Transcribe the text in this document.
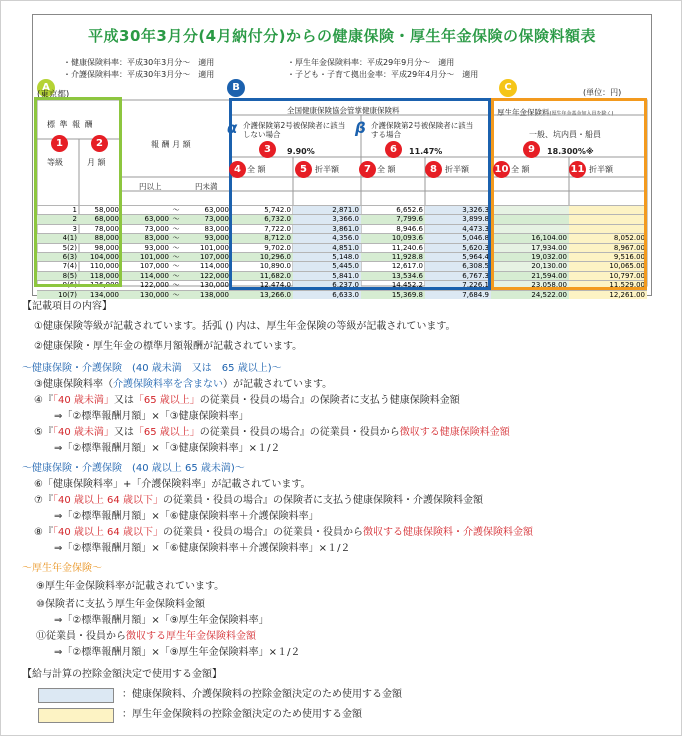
平成30年3月分(4月納付分)からの健康保険・厚生年金保険の保険料額表
・健康保険料率：平成30年3月分～　適用
・介護保険料率：平成30年3月分～　適用
・厚生年金保険料率：平成29年9月分～　適用
・子ども・子育て拠出金率：平成29年4月分～　適用
(単位：円)
A	B	C
(東京都)
標 準 報 酬
等級	月 額
報 酬 月 額
円以上	円未満
全国健康保険協会管掌健康保険料
介護保険第2号被保険者に該当しない場合
介護保険第2号被保険者に該当する場合
9.90%	11.47%
全 額	折半額	全 額	折半額
厚生年金保険料(厚生年金基金加入員を除く)
一般、坑内員・船員
18.300%※
全 額	折半額
1	2
3
4	5
6
7	8
9
10	11
α	β
1	58,000	～	63,000	5,742.0	2,871.0	6,652.6	3,326.3
2	68,000	63,000 ～	73,000	6,732.0	3,366.0	7,799.6	3,899.8
3	78,000	73,000 ～	83,000	7,722.0	3,861.0	8,946.6	4,473.3
4(1)	88,000	83,000 ～	93,000	8,712.0	4,356.0	10,093.6	5,046.8	16,104.00	8,052.00
5(2)	98,000	93,000 ～	101,000	9,702.0	4,851.0	11,240.6	5,620.3	17,934.00	8,967.00
6(3)	104,000	101,000 ～	107,000	10,296.0	5,148.0	11,928.8	5,964.4	19,032.00	9,516.00
7(4)	110,000	107,000 ～	114,000	10,890.0	5,445.0	12,617.0	6,308.5	20,130.00	10,065.00
8(5)	118,000	114,000 ～	122,000	11,682.0	5,841.0	13,534.6	6,767.3	21,594.00	10,797.00
9(6)	126,000	122,000 ～	130,000	12,474.0	6,237.0	14,452.2	7,226.1	23,058.00	11,529.00
10(7)	134,000	130,000 ～	138,000	13,266.0	6,633.0	15,369.8	7,684.9	24,522.00	12,261.00
【記載項目の内容】
①健康保険等級が記載されています。括弧 () 内は、厚生年金保険の等級が記載されています。
②健康保険・厚生年金の標準月額報酬が記載されています。
～健康保険・介護保険　(40 歳未満　又は　65 歳以上)～
③健康保険料率（介護保険料率を含まない）が記載されています。
④『「40 歳未満」又は「65 歳以上」の従業員・役員の場合』の保険者に支払う健康保険料金額
⇒「②標準報酬月額」×「③健康保険料率」
⑤『「40 歳未満」又は「65 歳以上」の従業員・役員の場合』の従業員・役員から徴収する健康保険料金額
⇒「②標準報酬月額」×「③健康保険料率」×１/２
～健康保険・介護保険　(40 歳以上 65 歳未満)～
⑥「健康保険料率」+「介護保険料率」が記載されています。
⑦『「40 歳以上 64 歳以下」の従業員・役員の場合』の保険者に支払う健康保険料・介護保険料金額
⇒「②標準報酬月額」×「⑥健康保険料率＋介護保険料率」
⑧『「40 歳以上 64 歳以下」の従業員・役員の場合』の従業員・役員から徴収する健康保険料・介護保険料金額
⇒「②標準報酬月額」×「⑥健康保険料率＋介護保険料率」×１/２
～厚生年金保険～
⑨厚生年金保険料率が記載されています。
⑩保険者に支払う厚生年金保険料金額
⇒「②標準報酬月額」×「⑨厚生年金保険料率」
⑪従業員・役員から徴収する厚生年金保険料金額
⇒「②標準報酬月額」×「⑨厚生年金保険料率」×１/２
【給与計算の控除金額決定で使用する金額】
：健康保険料、介護保険料の控除金額決定のため使用する金額
：厚生年金保険料の控除金額決定のため使用する金額
